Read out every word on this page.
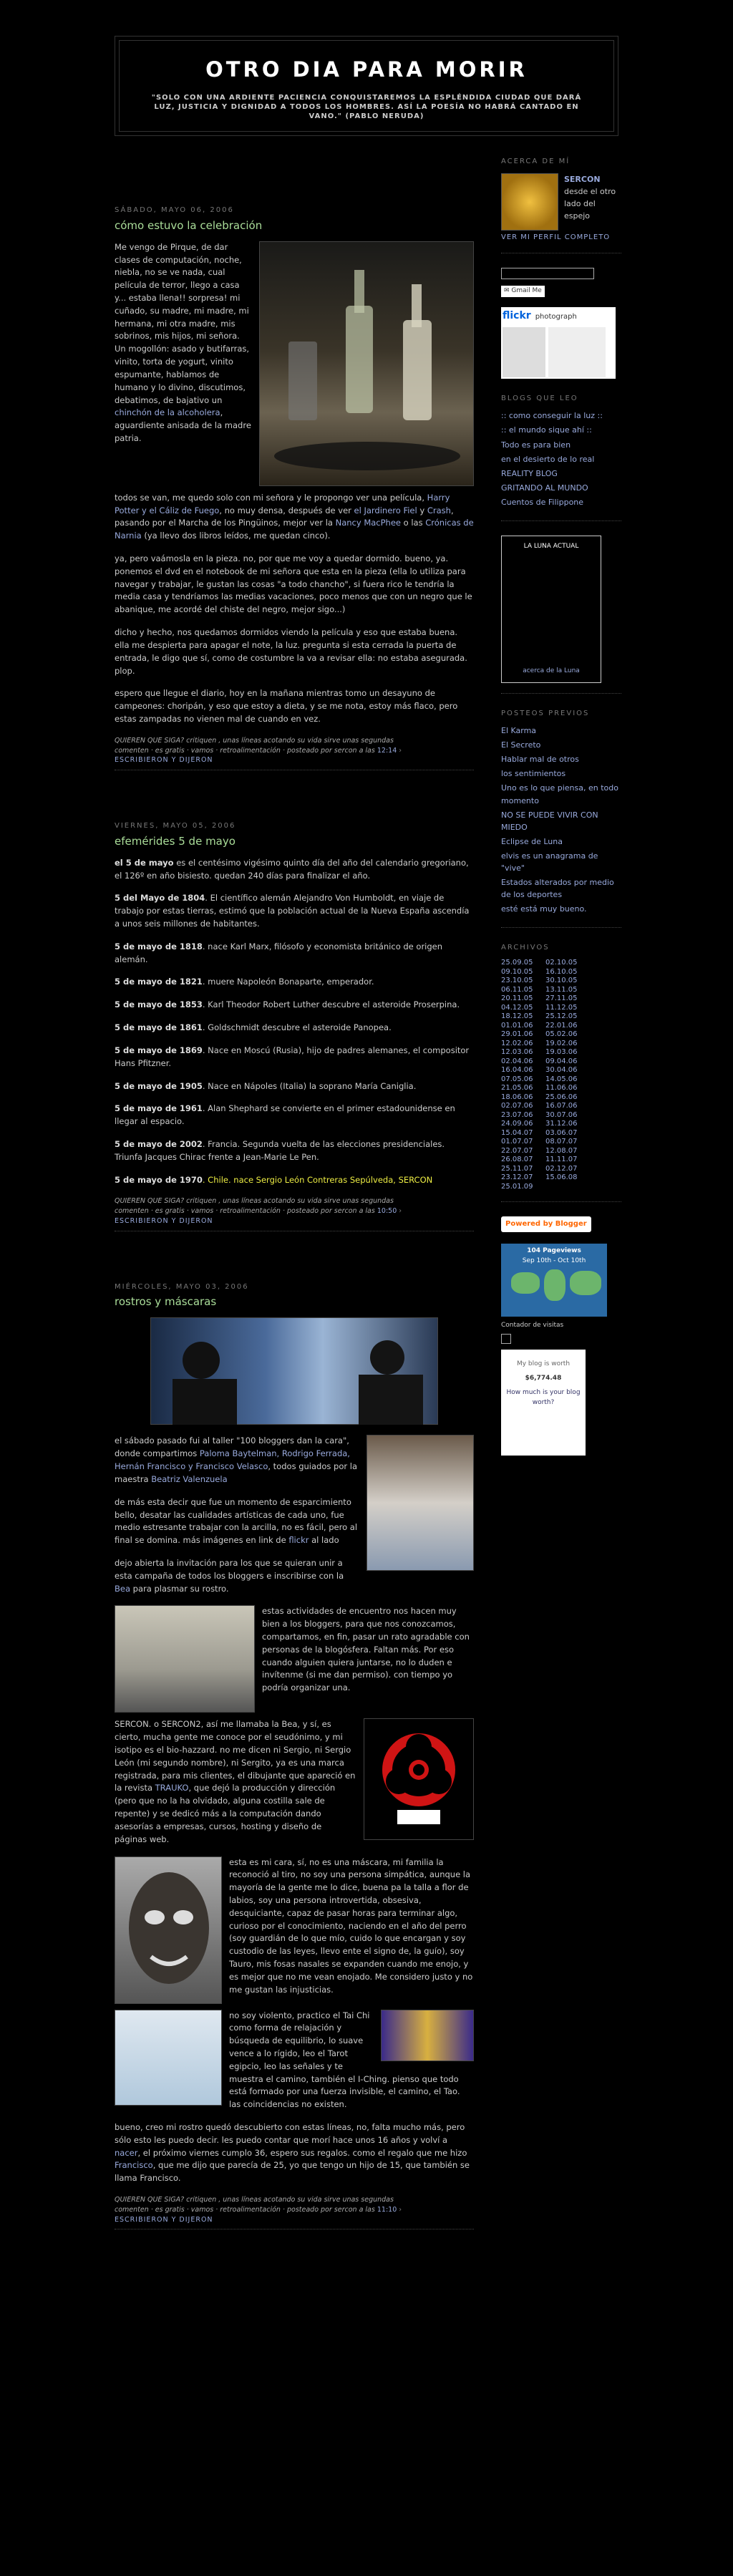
OTRO DIA PARA MORIR
"SOLO CON UNA ARDIENTE PACIENCIA CONQUISTAREMOS LA ESPLÉNDIDA CIUDAD QUE DARÁ LUZ, JUSTICIA Y DIGNIDAD A TODOS LOS HOMBRES. ASÍ LA POESÍA NO HABRÁ CANTADO EN VANO." (PABLO NERUDA)
SÁBADO, MAYO 06, 2006
cómo estuvo la celebración

Me vengo de Pirque, de dar clases de computación, noche, niebla, no se ve nada, cual película de terror, llego a casa y... estaba llena!! sorpresa! mi cuñado, su madre, mi madre, mi hermana, mi otra madre, mis sobrinos, mis hijos, mi señora. Un mogollón: asado y butifarras, vinito, torta de yogurt, vinito espumante, hablamos de humano y lo divino, discutimos, debatimos, de bajativo un chinchón de la alcoholera, aguardiente anisada de la madre patria.

todos se van, me quedo solo con mi señora y le propongo ver una película, Harry Potter y el Cáliz de Fuego, no muy densa, después de ver el Jardinero Fiel y Crash, pasando por el Marcha de los Pingüinos, mejor ver la Nancy MacPhee o las Crónicas de Narnia (ya llevo dos libros leídos, me quedan cinco).

ya, pero vaámosla en la pieza. no, por que me voy a quedar dormido. bueno, ya. ponemos el dvd en el notebook de mi señora que esta en la pieza (ella lo utiliza para navegar y trabajar, le gustan las cosas "a todo chancho", si fuera rico le tendría la media casa y tendríamos las medias vacaciones, poco menos que con un negro que le abanique, me acordé del chiste del negro, mejor sigo...)

dicho y hecho, nos quedamos dormidos viendo la película y eso que estaba buena. ella me despierta para apagar el note, la luz. pregunta si esta cerrada la puerta de entrada, le digo que sí, como de costumbre la va a revisar ella: no estaba asegurada. plop.

espero que llegue el diario, hoy en la mañana mientras tomo un desayuno de campeones: choripán, y eso que estoy a dieta, y se me nota, estoy más flaco, pero estas zampadas no vienen mal de cuando en vez.

QUIEREN QUE SIGA? critiquen , unas líneas acotando su vida sirve unas segundas
comenten · es gratis · vamos · retroalimentación · posteado por sercon a las 12:14 ›
ESCRIBIERON Y DIJERON
VIERNES, MAYO 05, 2006
efemérides 5 de mayo

el 5 de mayo es el centésimo vigésimo quinto día del año del calendario gregoriano, el 126º en año bisiesto. quedan 240 días para finalizar el año.

5 del Mayo de 1804. El científico alemán Alejandro Von Humboldt, en viaje de trabajo por estas tierras, estimó que la población actual de la Nueva España ascendía a unos seis millones de habitantes.

5 de mayo de 1818. nace Karl Marx, filósofo y economista británico de origen alemán.

5 de mayo de 1821. muere Napoleón Bonaparte, emperador.

5 de mayo de 1853. Karl Theodor Robert Luther descubre el asteroide Proserpina.

5 de mayo de 1861. Goldschmidt descubre el asteroide Panopea.

5 de mayo de 1869. Nace en Moscú (Rusia), hijo de padres alemanes, el compositor Hans Pfitzner.

5 de mayo de 1905. Nace en Nápoles (Italia) la soprano María Caniglia.

5 de mayo de 1961. Alan Shephard se convierte en el primer estadounidense en llegar al espacio.

5 de mayo de 2002. Francia. Segunda vuelta de las elecciones presidenciales. Triunfa Jacques Chirac frente a Jean-Marie Le Pen.

5 de mayo de 1970. Chile. nace Sergio León Contreras Sepúlveda, SERCON

QUIEREN QUE SIGA? critiquen , unas líneas acotando su vida sirve unas segundas
comenten · es gratis · vamos · retroalimentación · posteado por sercon a las 10:50 ›
ESCRIBIERON Y DIJERON
MIÉRCOLES, MAYO 03, 2006
rostros y máscaras

el sábado pasado fui al taller "100 bloggers dan la cara", donde compartimos Paloma Baytelman, Rodrigo Ferrada, Hernán Francisco y Francisco Velasco, todos guiados por la maestra Beatriz Valenzuela

de más esta decir que fue un momento de esparcimiento bello, desatar las cualidades artísticas de cada uno, fue medio estresante trabajar con la arcilla, no es fácil, pero al final se domina. más imágenes en link de flickr al lado

dejo abierta la invitación para los que se quieran unir a esta campaña de todos los bloggers e inscribirse con la Bea para plasmar su rostro.

estas actividades de encuentro nos hacen muy bien a los bloggers, para que nos conozcamos, compartamos, en fin, pasar un rato agradable con personas de la blogósfera. Faltan más. Por eso cuando alguien quiera juntarse, no lo duden e invítenme (si me dan permiso). con tiempo yo podría organizar una.

SERCON. o SERCON2, así me llamaba la Bea, y sí, es cierto, mucha gente me conoce por el seudónimo, y mi isotipo es el bio-hazzard. no me dicen ni Sergio, ni Sergio León (mi segundo nombre), ni Sergito, ya es una marca registrada, para mis clientes, el dibujante que apareció en la revista TRAUKO, que dejó la producción y dirección (pero que no la ha olvidado, alguna costilla sale de repente) y se dedicó más a la computación dando asesorías a empresas, cursos, hosting y diseño de páginas web.

esta es mi cara, sí, no es una máscara, mi familia la reconoció al tiro, no soy una persona simpática, aunque la mayoría de la gente me lo dice, buena pa la talla a flor de labios, soy una persona introvertida, obsesiva, desquiciante, capaz de pasar horas para terminar algo, curioso por el conocimiento, naciendo en el año del perro (soy guardián de lo que mío, cuido lo que encargan y soy custodio de las leyes, llevo ente el signo de, la guío), soy Tauro, mis fosas nasales se expanden cuando me enojo, y es mejor que no me vean enojado. Me considero justo y no me gustan las injusticias.

no soy violento, practico el Tai Chi como forma de relajación y búsqueda de equilibrio, lo suave vence a lo rígido, leo el Tarot egipcio, leo las señales y te muestra el camino, también el I-Ching. pienso que todo está formado por una fuerza invisible, el camino, el Tao. las coincidencias no existen.

bueno, creo mi rostro quedó descubierto con estas líneas, no, falta mucho más, pero sólo esto les puedo decir. les puedo contar que morí hace unos 16 años y volví a nacer, el próximo viernes cumplo 36, espero sus regalos. como el regalo que me hizo Francisco, que me dijo que parecía de 25, yo que tengo un hijo de 15, que también se llama Francisco.

QUIEREN QUE SIGA? critiquen , unas líneas acotando su vida sirve unas segundas
comenten · es gratis · vamos · retroalimentación · posteado por sercon a las 11:10 ›
ESCRIBIERON Y DIJERON
ACERCA DE MÍ
SERCON
desde el otro lado del espejo
VER MI PERFIL COMPLETO
✉ Gmail Me
flickr photograph
BLOGS QUE LEO
:: como conseguir la luz ::
:: el mundo sique ahí ::
Todo es para bien
en el desierto de lo real
REALITY BLOG
GRITANDO AL MUNDO
Cuentos de Filippone
LA LUNA ACTUAL
acerca de la Luna
POSTEOS PREVIOS
El Karma
El Secreto
Hablar mal de otros
los sentimientos
Uno es lo que piensa, en todo momento
NO SE PUEDE VIVIR CON MIEDO
Eclipse de Luna
elvis es un anagrama de "vive"
Estados alterados por medio de los deportes
esté está muy bueno.
ARCHIVOS
25.09.05	02.10.05
09.10.05	16.10.05
23.10.05	30.10.05
06.11.05	13.11.05
20.11.05	27.11.05
04.12.05	11.12.05
18.12.05	25.12.05
01.01.06	22.01.06
29.01.06	05.02.06
12.02.06	19.02.06
12.03.06	19.03.06
02.04.06	09.04.06
16.04.06	30.04.06
07.05.06	14.05.06
21.05.06	11.06.06
18.06.06	25.06.06
02.07.06	16.07.06
23.07.06	30.07.06
24.09.06	31.12.06
15.04.07	03.06.07
01.07.07	08.07.07
22.07.07	12.08.07
26.08.07	11.11.07
25.11.07	02.12.07
23.12.07	15.06.08
25.01.09
Powered by Blogger
104 Pageviews
Sep 10th - Oct 10th
Contador de visitas
My blog is worth
$6,774.48
How much is your blog worth?
